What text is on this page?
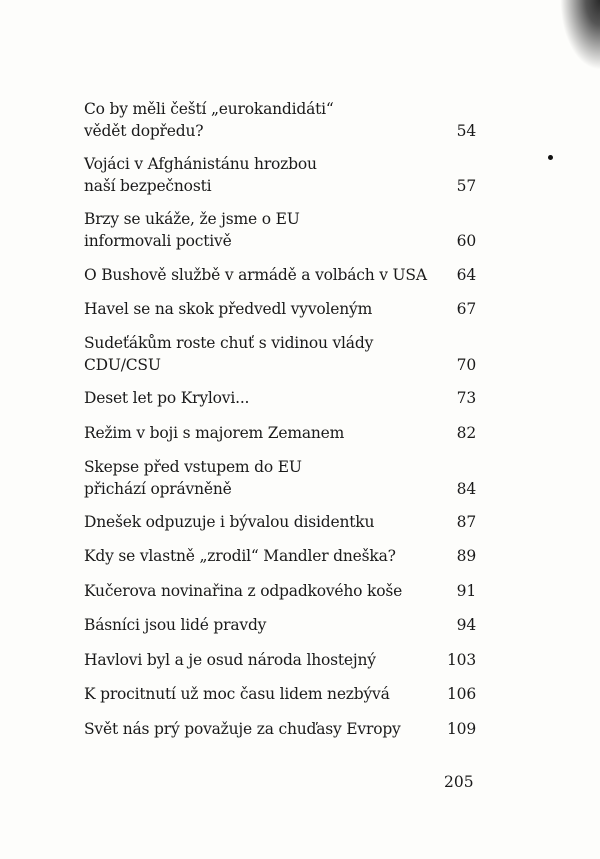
Co by měli čeští „eurokandidáti“
vědět dopředu?	54
Vojáci v Afghánistánu hrozbou
naší bezpečnosti	57
Brzy se ukáže, že jsme o EU
informovali poctivě	60
O Bushově službě v armádě a volbách v USA	64
Havel se na skok předvedl vyvoleným	67
Sudeťákům roste chuť s vidinou vlády
CDU/CSU	70
Deset let po Krylovi...	73
Režim v boji s majorem Zemanem	82
Skepse před vstupem do EU
přichází oprávněně	84
Dnešek odpuzuje i bývalou disidentku	87
Kdy se vlastně „zrodil“ Mandler dneška?	89
Kučerova novinařina z odpadkového koše	91
Básníci jsou lidé pravdy	94
Havlovi byl a je osud národa lhostejný	103
K procitnutí už moc času lidem nezbývá	106
Svět nás prý považuje za chuďasy Evropy	109
205
